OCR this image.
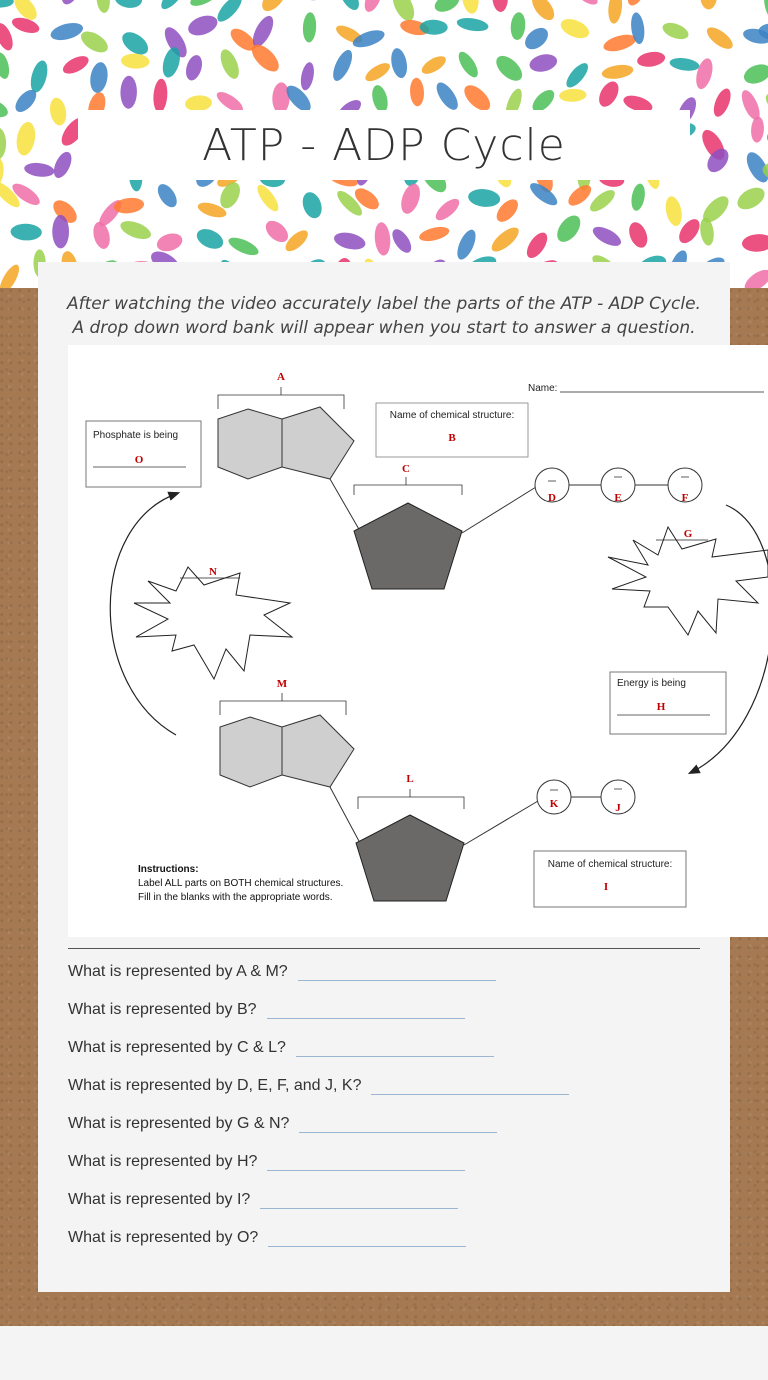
ATP - ADP Cycle
After watching the video accurately label the parts of the ATP - ADP Cycle.
A drop down word bank will appear when you start to answer a question.
Name:
A
C
D	E	F
Name of chemical structure:
B
Phosphate is being
O
G
Energy is being
H
N
M
L
K	J
Name of chemical structure:
I
Instructions:
Label ALL parts on BOTH chemical structures.
Fill in the blanks with the appropriate words.
What is represented by A & M?
What is represented by B?
What is represented by C & L?
What is represented by D, E, F, and J, K?
What is represented by G & N?
What is represented by H?
What is represented by I?
What is represented by O?
